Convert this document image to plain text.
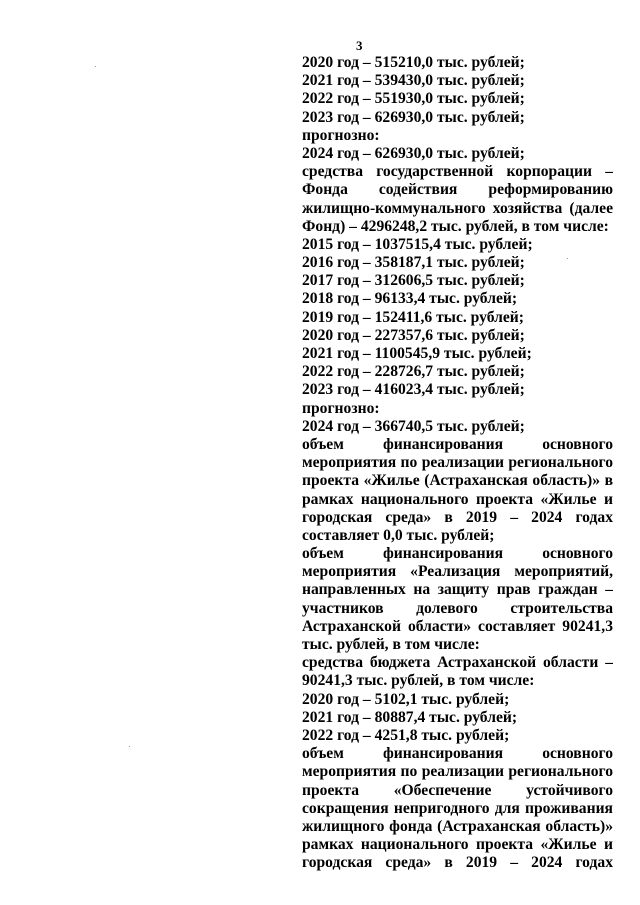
3
2020 год – 515210,0 тыс. рублей;
2021 год – 539430,0 тыс. рублей;
2022 год – 551930,0 тыс. рублей;
2023 год – 626930,0 тыс. рублей;
прогнозно:
2024 год – 626930,0 тыс. рублей;
средства государственной корпорации –
Фонда содействия реформированию
жилищно-коммунального хозяйства (далее
Фонд) – 4296248,2 тыс. рублей, в том числе:
2015 год – 1037515,4 тыс. рублей;
2016 год – 358187,1 тыс. рублей;
2017 год – 312606,5 тыс. рублей;
2018 год – 96133,4 тыс. рублей;
2019 год – 152411,6 тыс. рублей;
2020 год – 227357,6 тыс. рублей;
2021 год – 1100545,9 тыс. рублей;
2022 год – 228726,7 тыс. рублей;
2023 год – 416023,4 тыс. рублей;
прогнозно:
2024 год – 366740,5 тыс. рублей;
объем финансирования основного
мероприятия по реализации регионального
проекта «Жилье (Астраханская область)» в
рамках национального проекта «Жилье и
городская среда» в 2019 – 2024 годах
составляет 0,0 тыс. рублей;
объем финансирования основного
мероприятия «Реализация мероприятий,
направленных на защиту прав граждан –
участников долевого строительства
Астраханской области» составляет 90241,3
тыс. рублей, в том числе:
средства бюджета Астраханской области –
90241,3 тыс. рублей, в том числе:
2020 год – 5102,1 тыс. рублей;
2021 год – 80887,4 тыс. рублей;
2022 год – 4251,8 тыс. рублей;
объем финансирования основного
мероприятия по реализации регионального
проекта «Обеспечение устойчивого
сокращения непригодного для проживания
жилищного фонда (Астраханская область)»
рамках национального проекта «Жилье и
городская среда» в 2019 – 2024 годах
